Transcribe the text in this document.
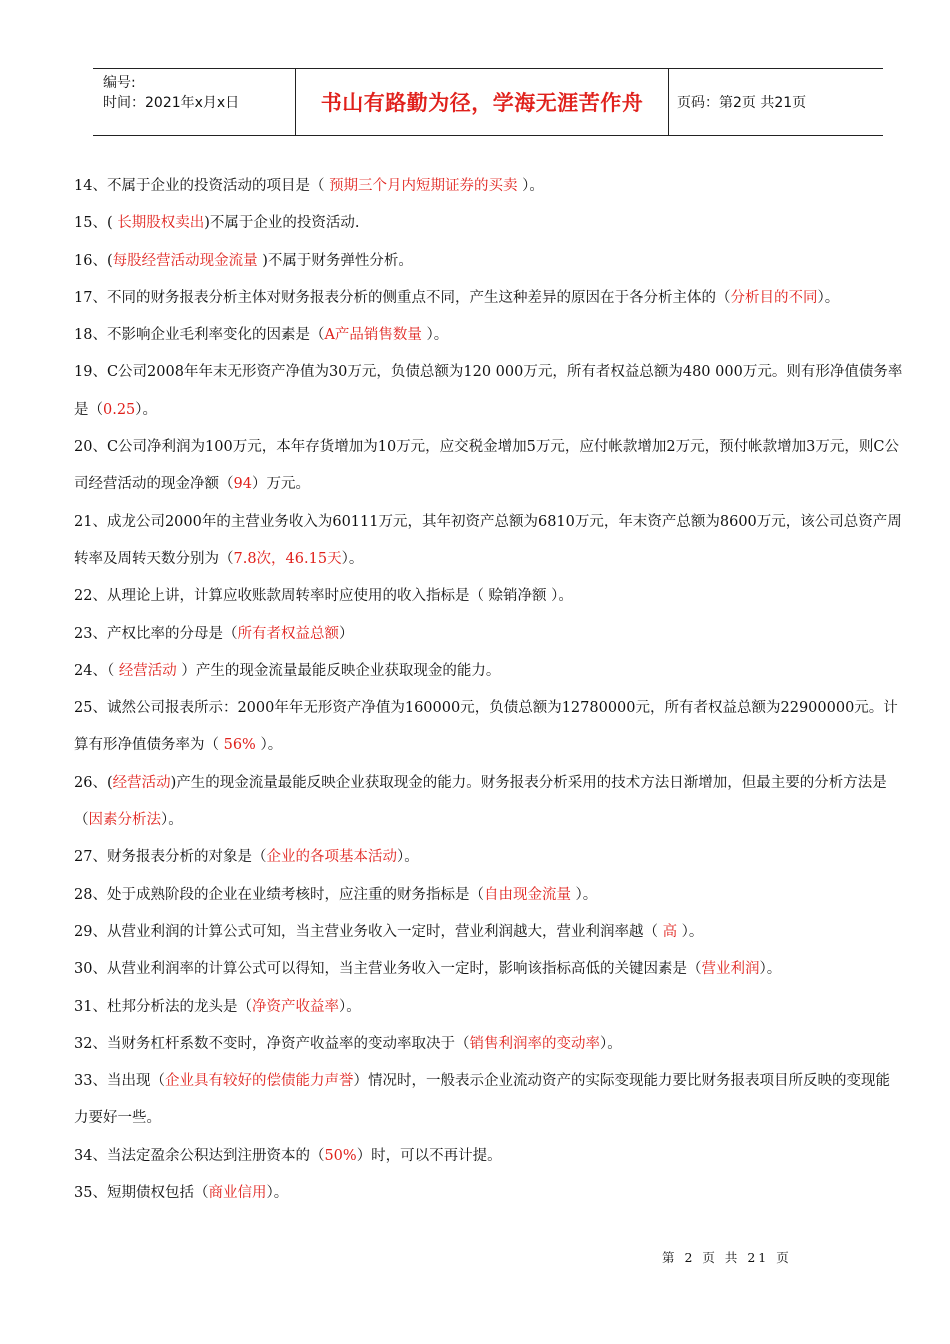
编号:
时间：2021年x月x日	书山有路勤为径，学海无涯苦作舟	页码：第2页 共21页
14、不属于企业的投资活动的项目是（ 预期三个月内短期证券的买卖 ）。
15、( 长期股权卖出)不属于企业的投资活动.
16、(每股经营活动现金流量 )不属于财务弹性分析。
17、不同的财务报表分析主体对财务报表分析的侧重点不同，产生这种差异的原因在于各分析主体的（分析目的不同）。
18、不影响企业毛利率变化的因素是（A产品销售数量 ）。
19、C公司2008年年末无形资产净值为30万元，负债总额为120 000万元，所有者权益总额为480 000万元。则有形净值债务率是（0.25）。
20、C公司净利润为100万元，本年存货增加为10万元，应交税金增加5万元，应付帐款增加2万元，预付帐款增加3万元，则C公司经营活动的现金净额（94）万元。
21、成龙公司2000年的主营业务收入为60111万元，其年初资产总额为6810万元，年末资产总额为8600万元，该公司总资产周转率及周转天数分别为（7.8次，46.15天）。
22、从理论上讲，计算应收账款周转率时应使用的收入指标是（ 赊销净额 ）。
23、产权比率的分母是（所有者权益总额）
24、（ 经营活动 ）产生的现金流量最能反映企业获取现金的能力。
25、诚然公司报表所示：2000年年无形资产净值为160000元，负债总额为12780000元，所有者权益总额为22900000元。计算有形净值债务率为（ 56% ）。
26、(经营活动)产生的现金流量最能反映企业获取现金的能力。财务报表分析采用的技术方法日渐增加，但最主要的分析方法是（因素分析法）。
27、财务报表分析的对象是（企业的各项基本活动）。
28、处于成熟阶段的企业在业绩考核时，应注重的财务指标是（自由现金流量 ）。
29、从营业利润的计算公式可知，当主营业务收入一定时，营业利润越大，营业利润率越（ 高 ）。
30、从营业利润率的计算公式可以得知，当主营业务收入一定时，影响该指标高低的关键因素是（营业利润）。
31、杜邦分析法的龙头是（净资产收益率）。
32、当财务杠杆系数不变时，净资产收益率的变动率取决于（销售利润率的变动率）。
33、当出现（企业具有较好的偿债能力声誉）情况时，一般表示企业流动资产的实际变现能力要比财务报表项目所反映的变现能力要好一些。
34、当法定盈余公积达到注册资本的（50%）时，可以不再计提。
35、短期债权包括（商业信用）。
第 2 页 共 21 页
